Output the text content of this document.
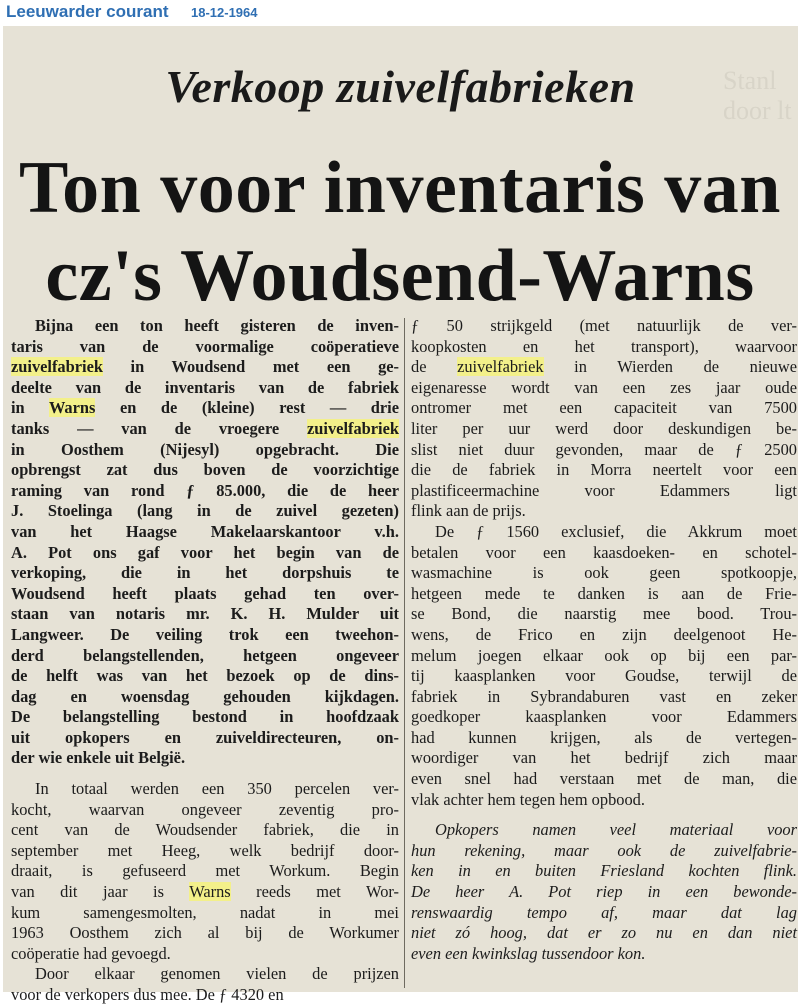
Leeuwarder courant 18-12-1964
Stanl
door lt
Verkoop zuivelfabrieken
Ton voor inventaris van
cz's Woudsend-Warns
Bijna een ton heeft gisteren de inven-
taris van de voormalige coöperatieve
zuivelfabriek in Woudsend met een ge-
deelte van de inventaris van de fabriek
in Warns en de (kleine) rest — drie
tanks — van de vroegere zuivelfabriek
in Oosthem (Nijesyl) opgebracht. Die
opbrengst zat dus boven de voorzichtige
raming van rond ƒ 85.000, die de heer
J. Stoelinga (lang in de zuivel gezeten)
van het Haagse Makelaarskantoor v.h.
A. Pot ons gaf voor het begin van de
verkoping, die in het dorpshuis te
Woudsend heeft plaats gehad ten over-
staan van notaris mr. K. H. Mulder uit
Langweer. De veiling trok een tweehon-
derd belangstellenden, hetgeen ongeveer
de helft was van het bezoek op de dins-
dag en woensdag gehouden kijkdagen.
De belangstelling bestond in hoofdzaak
uit opkopers en zuiveldirecteuren, on-
der wie enkele uit België.
In totaal werden een 350 percelen ver-
kocht, waarvan ongeveer zeventig pro-
cent van de Woudsender fabriek, die in
september met Heeg, welk bedrijf door-
draait, is gefuseerd met Workum. Begin
van dit jaar is Warns reeds met Wor-
kum samengesmolten, nadat in mei
1963 Oosthem zich al bij de Workumer
coöperatie had gevoegd.
Door elkaar genomen vielen de prijzen
voor de verkopers dus mee. De ƒ 4320 en
ƒ 50 strijkgeld (met natuurlijk de ver-
koopkosten en het transport), waarvoor
de zuivelfabriek in Wierden de nieuwe
eigenaresse wordt van een zes jaar oude
ontromer met een capaciteit van 7500
liter per uur werd door deskundigen be-
slist niet duur gevonden, maar de ƒ 2500
die de fabriek in Morra neertelt voor een
plastificeermachine voor Edammers ligt
flink aan de prijs.
De ƒ 1560 exclusief, die Akkrum moet
betalen voor een kaasdoeken- en schotel-
wasmachine is ook geen spotkoopje,
hetgeen mede te danken is aan de Frie-
se Bond, die naarstig mee bood. Trou-
wens, de Frico en zijn deelgenoot He-
melum joegen elkaar ook op bij een par-
tij kaasplanken voor Goudse, terwijl de
fabriek in Sybrandaburen vast en zeker
goedkoper kaasplanken voor Edammers
had kunnen krijgen, als de vertegen-
woordiger van het bedrijf zich maar
even snel had verstaan met de man, die
vlak achter hem tegen hem opbood.
Opkopers namen veel materiaal voor
hun rekening, maar ook de zuivelfabrie-
ken in en buiten Friesland kochten flink.
De heer A. Pot riep in een bewonde-
renswaardig tempo af, maar dat lag
niet zó hoog, dat er zo nu en dan niet
even een kwinkslag tussendoor kon.
